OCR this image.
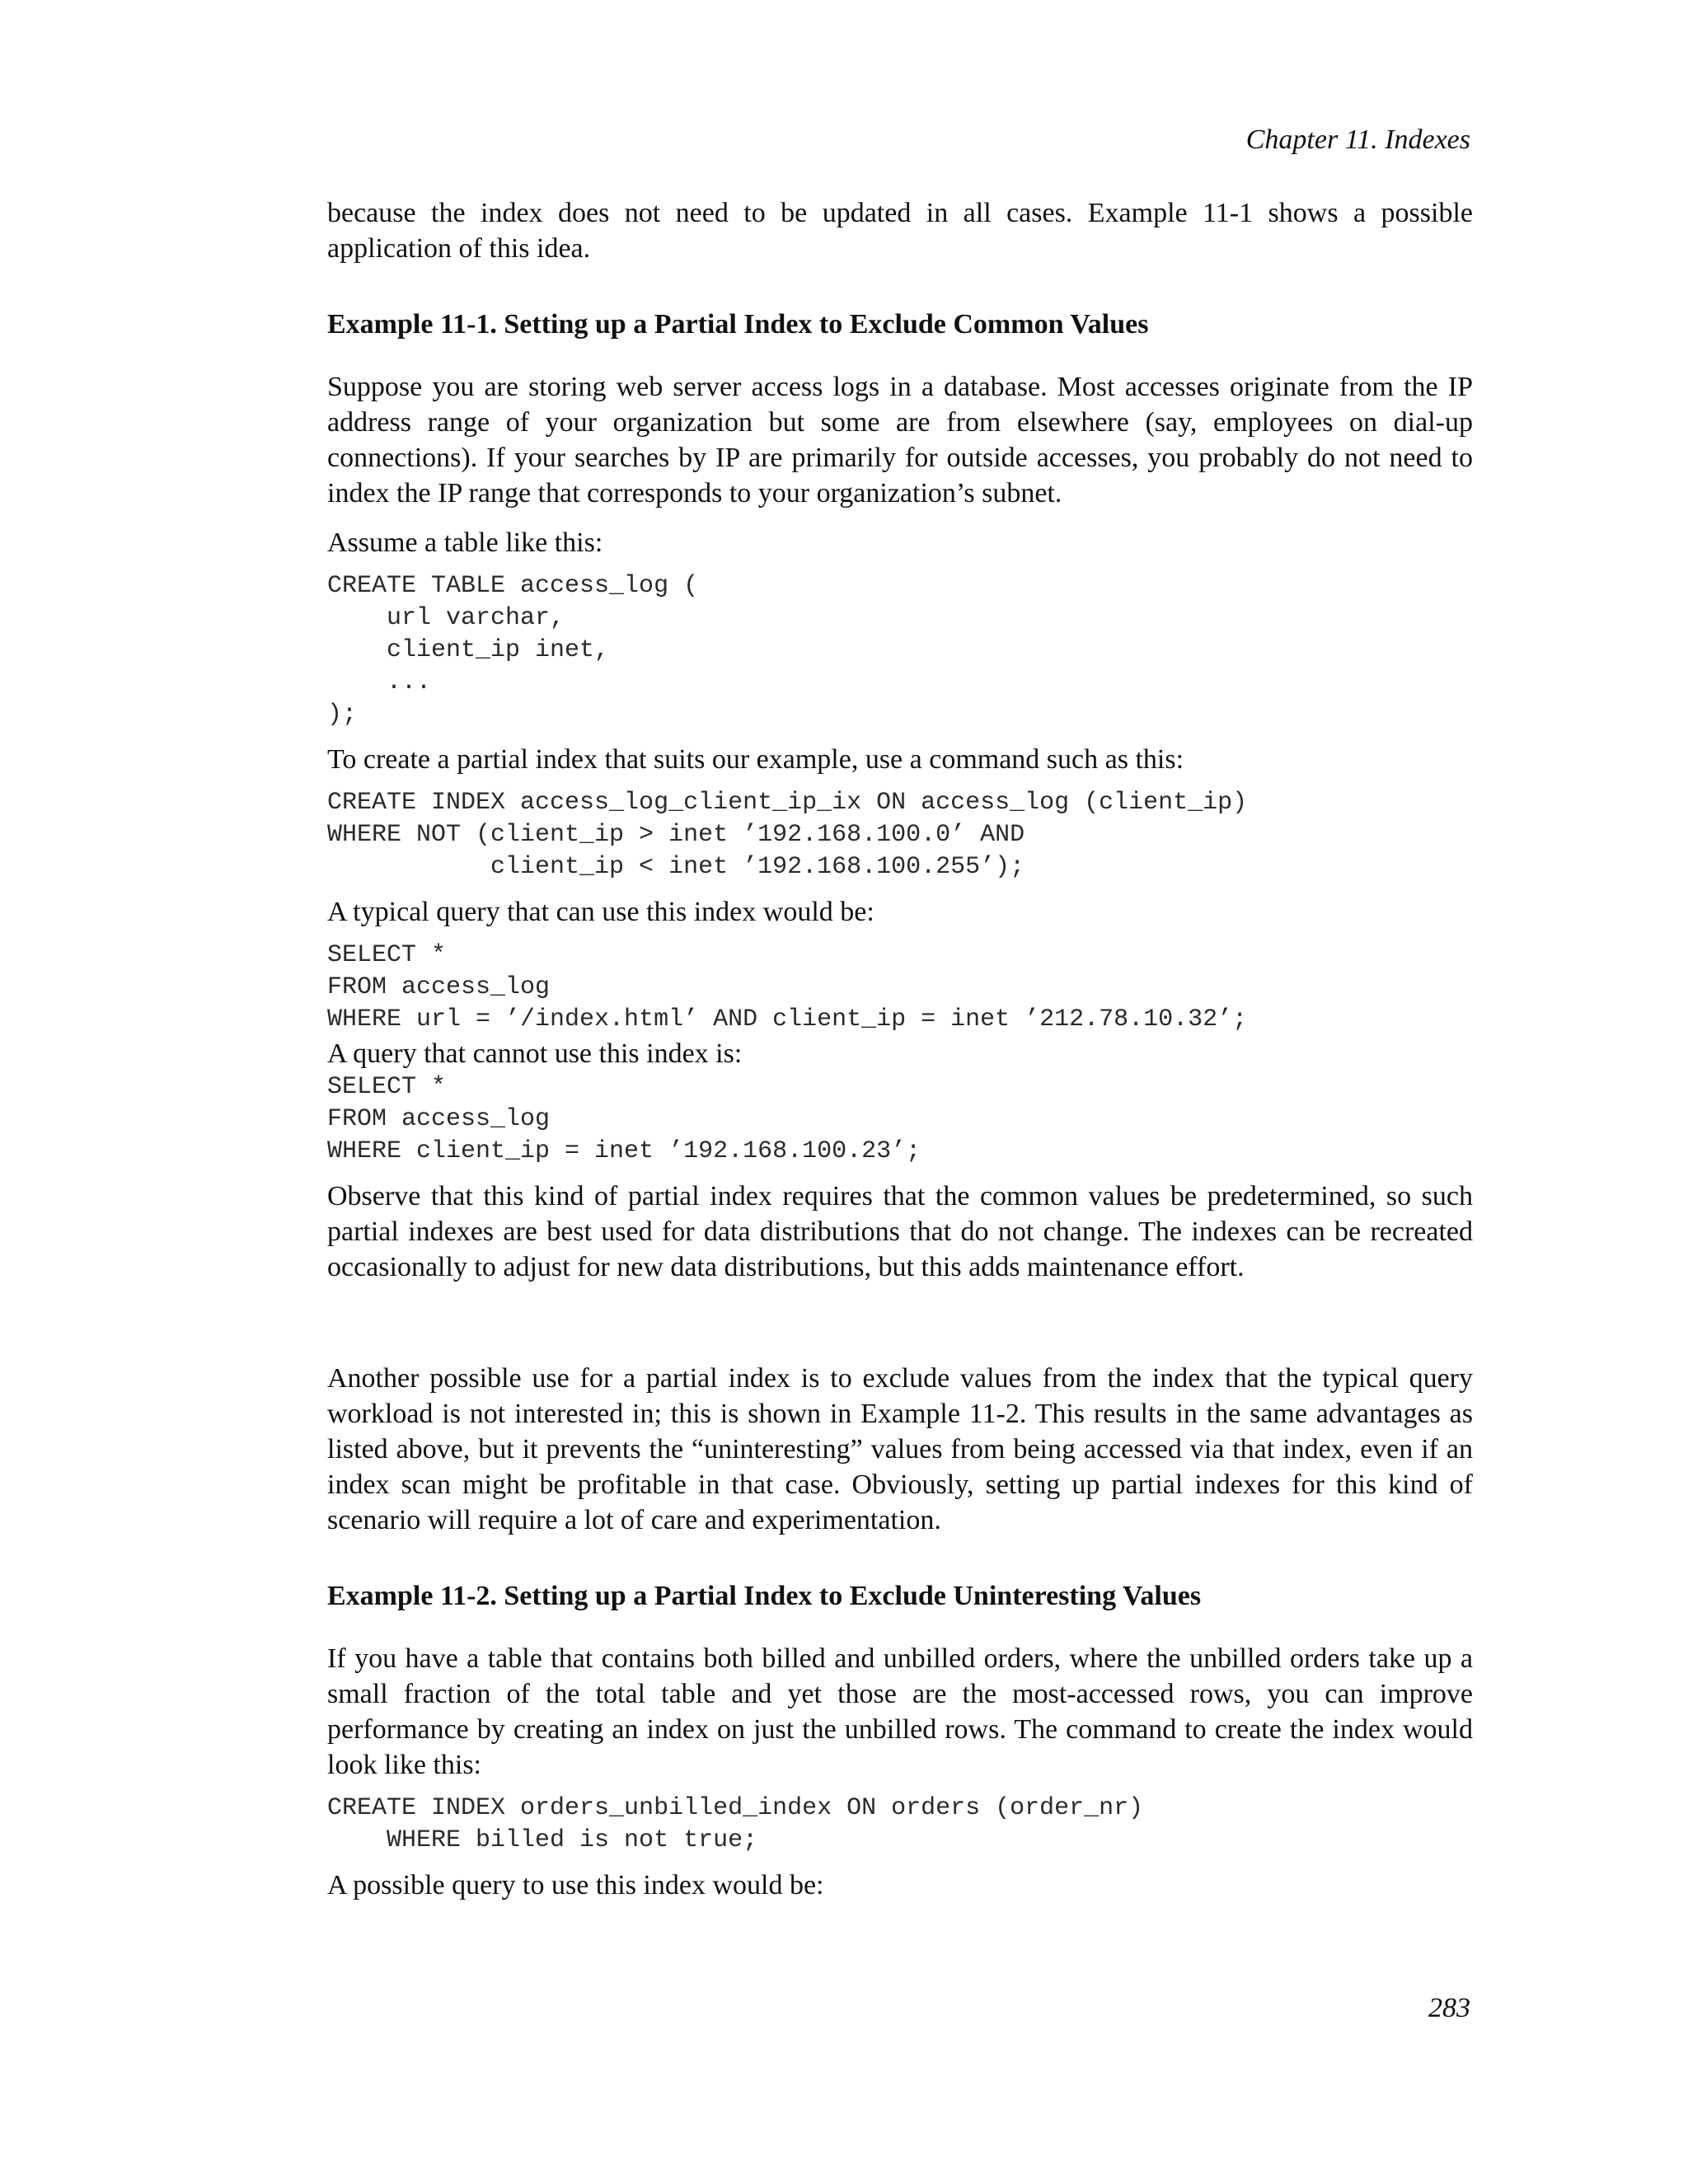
Chapter 11. Indexes

because the index does not need to be updated in all cases. Example 11-1 shows a possible application of this idea.

Example 11-1. Setting up a Partial Index to Exclude Common Values

Suppose you are storing web server access logs in a database. Most accesses originate from the IP address range of your organization but some are from elsewhere (say, employees on dial-up connections). If your searches by IP are primarily for outside accesses, you probably do not need to index the IP range that corresponds to your organization’s subnet.

Assume a table like this:

CREATE TABLE access_log (
url varchar,
client_ip inet,
...
);

To create a partial index that suits our example, use a command such as this:

CREATE INDEX access_log_client_ip_ix ON access_log (client_ip)
WHERE NOT (client_ip > inet ’192.168.100.0’ AND
client_ip < inet ’192.168.100.255’);

A typical query that can use this index would be:

SELECT *
FROM access_log
WHERE url = ’/index.html’ AND client_ip = inet ’212.78.10.32’;

A query that cannot use this index is:

SELECT *
FROM access_log
WHERE client_ip = inet ’192.168.100.23’;

Observe that this kind of partial index requires that the common values be predetermined, so such partial indexes are best used for data distributions that do not change. The indexes can be recreated occasionally to adjust for new data distributions, but this adds maintenance effort.

Another possible use for a partial index is to exclude values from the index that the typical query workload is not interested in; this is shown in Example 11-2. This results in the same advantages as listed above, but it prevents the “uninteresting” values from being accessed via that index, even if an index scan might be profitable in that case. Obviously, setting up partial indexes for this kind of scenario will require a lot of care and experimentation.

Example 11-2. Setting up a Partial Index to Exclude Uninteresting Values

If you have a table that contains both billed and unbilled orders, where the unbilled orders take up a small fraction of the total table and yet those are the most-accessed rows, you can improve performance by creating an index on just the unbilled rows. The command to create the index would look like this:

CREATE INDEX orders_unbilled_index ON orders (order_nr)
WHERE billed is not true;

A possible query to use this index would be:

283
